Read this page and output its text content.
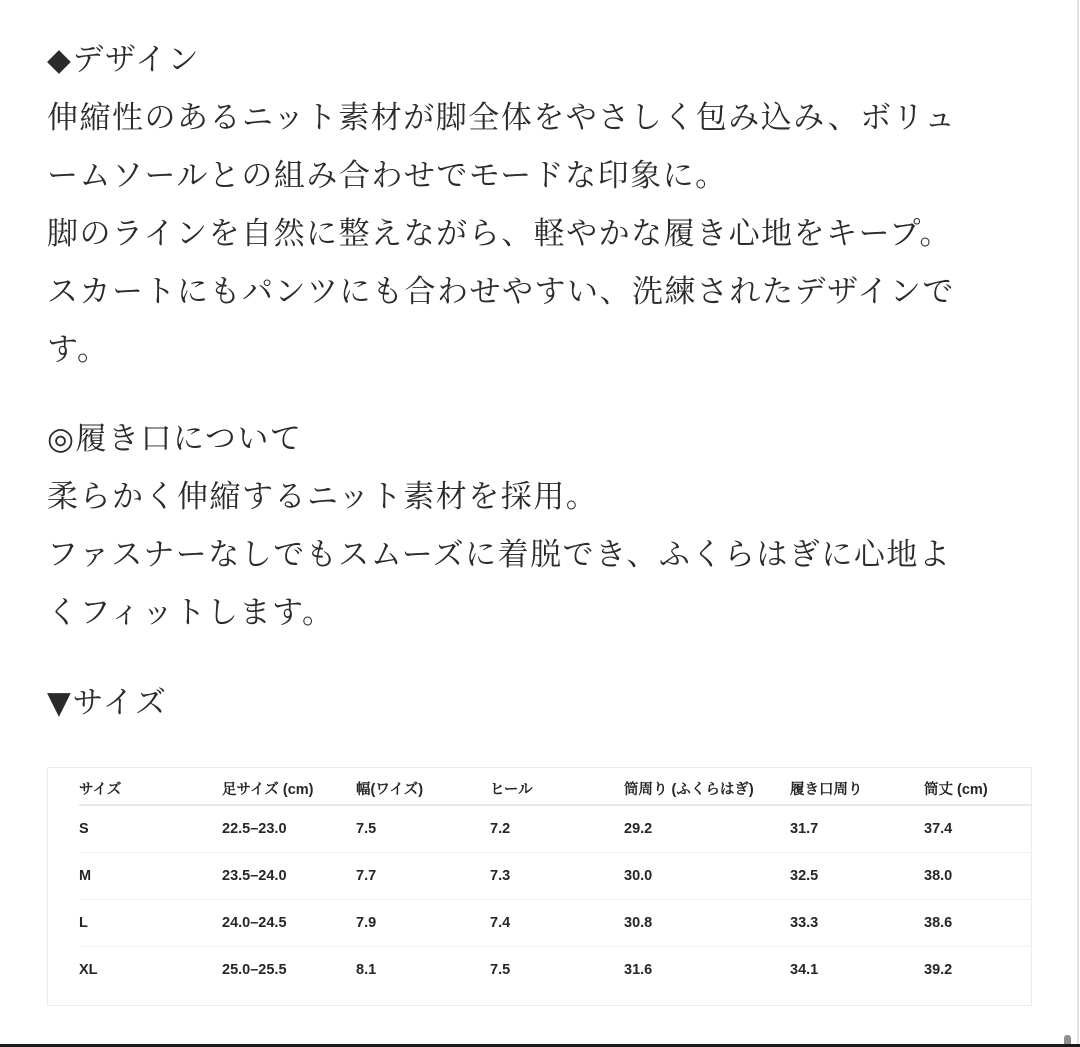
◆デザイン
伸縮性のあるニット素材が脚全体をやさしく包み込み、ボリュ
ームソールとの組み合わせでモードな印象に。
脚のラインを自然に整えながら、軽やかな履き心地をキープ。
スカートにもパンツにも合わせやすい、洗練されたデザインで
す。
◎履き口について
柔らかく伸縮するニット素材を採用。
ファスナーなしでもスムーズに着脱でき、ふくらはぎに心地よ
くフィットします。
▼サイズ
サイズ	足サイズ (cm)	幅(ワイズ)	ヒール	筒周り (ふくらはぎ)	履き口周り	筒丈 (cm)
S	22.5–23.0	7.5	7.2	29.2	31.7	37.4
M	23.5–24.0	7.7	7.3	30.0	32.5	38.0
L	24.0–24.5	7.9	7.4	30.8	33.3	38.6
XL	25.0–25.5	8.1	7.5	31.6	34.1	39.2
